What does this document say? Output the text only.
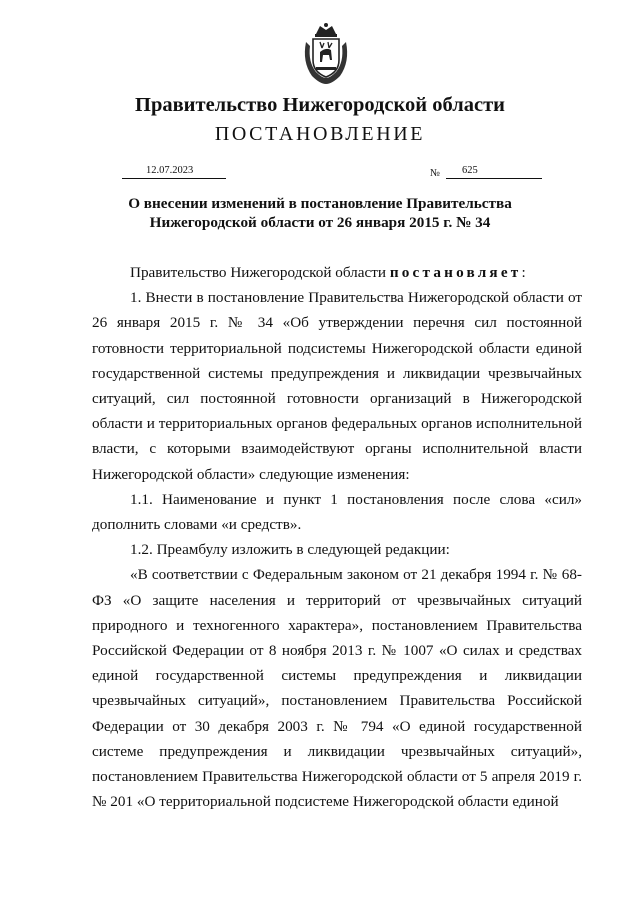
Правительство Нижегородской области
ПОСТАНОВЛЕНИЕ
12.07.2023	№	625
О внесении изменений в постановление Правительства
Нижегородской области от 26 января 2015 г. № 34

Правительство Нижегородской области постановляет:

1. Внести в постановление Правительства Нижегородской области от 26 января 2015 г. № 34 «Об утверждении перечня сил постоянной готовности территориальной подсистемы Нижегородской области единой государственной системы предупреждения и ликвидации чрезвычайных ситуаций, сил постоянной готовности организаций в Нижегородской области и территориальных органов федеральных органов исполнительной власти, с которыми взаимодействуют органы исполнительной власти Нижегородской области» следующие изменения:

1.1. Наименование и пункт 1 постановления после слова «сил» дополнить словами «и средств».

1.2. Преамбулу изложить в следующей редакции:

«В соответствии с Федеральным законом от 21 декабря 1994 г. № 68-ФЗ «О защите населения и территорий от чрезвычайных ситуаций природного и техногенного характера», постановлением Правительства Российской Федерации от 8 ноября 2013 г. № 1007 «О силах и средствах единой государственной системы предупреждения и ликвидации чрезвычайных ситуаций», постановлением Правительства Российской Федерации от 30 декабря 2003 г. № 794 «О единой государственной системе предупреждения и ликвидации чрезвычайных ситуаций», постановлением Правительства Нижегородской области от 5 апреля 2019 г. № 201 «О территориальной подсистеме Нижегородской области единой
